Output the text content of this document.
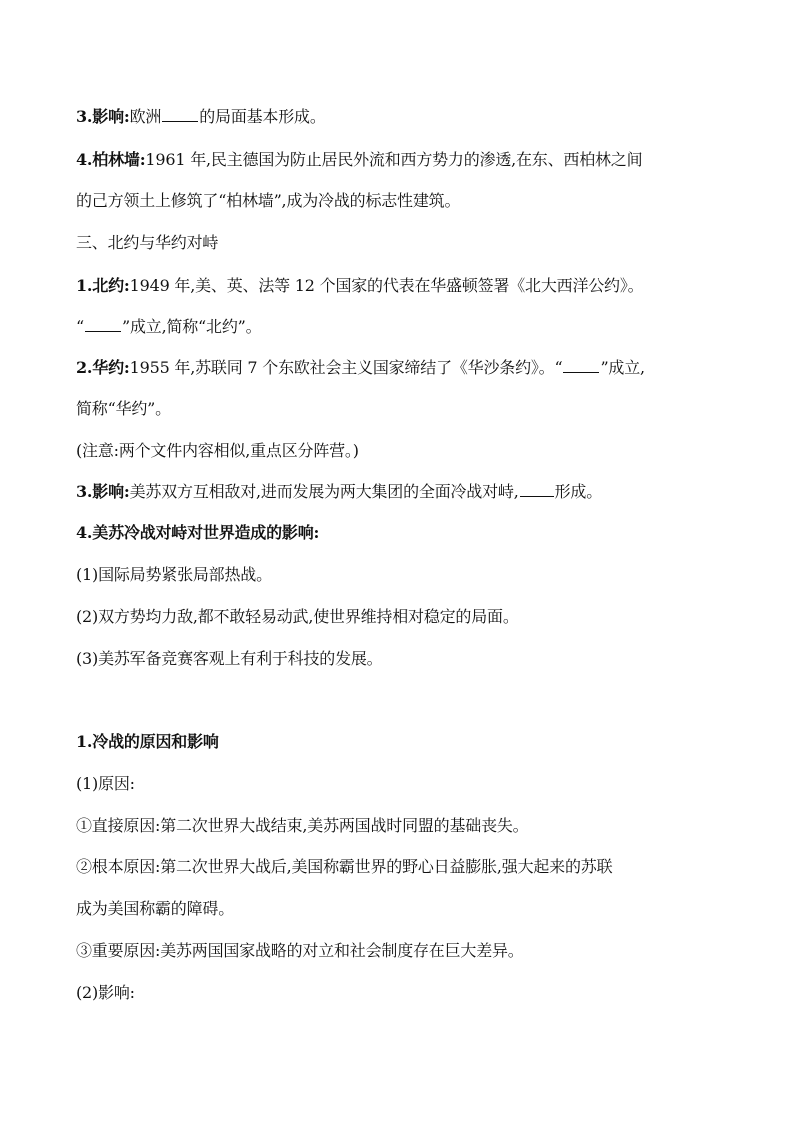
3.影响:欧洲 的局面基本形成。
4.柏林墙:1961 年,民主德国为防止居民外流和西方势力的渗透,在东、西柏林之间
的己方领土上修筑了“柏林墙”,成为冷战的标志性建筑。
三、北约与华约对峙
1.北约:1949 年,美、英、法等 12 个国家的代表在华盛顿签署《北大西洋公约》。
“ ”成立,简称“北约”。
2.华约:1955 年,苏联同 7 个东欧社会主义国家缔结了《华沙条约》。“ ”成立,
简称“华约”。
(注意:两个文件内容相似,重点区分阵营。)
3.影响:美苏双方互相敌对,进而发展为两大集团的全面冷战对峙, 形成。
4.美苏冷战对峙对世界造成的影响:
(1)国际局势紧张局部热战。
(2)双方势均力敌,都不敢轻易动武,使世界维持相对稳定的局面。
(3)美苏军备竞赛客观上有利于科技的发展。
1.冷战的原因和影响
(1)原因:
①直接原因:第二次世界大战结束,美苏两国战时同盟的基础丧失。
②根本原因:第二次世界大战后,美国称霸世界的野心日益膨胀,强大起来的苏联
成为美国称霸的障碍。
③重要原因:美苏两国国家战略的对立和社会制度存在巨大差异。
(2)影响:
